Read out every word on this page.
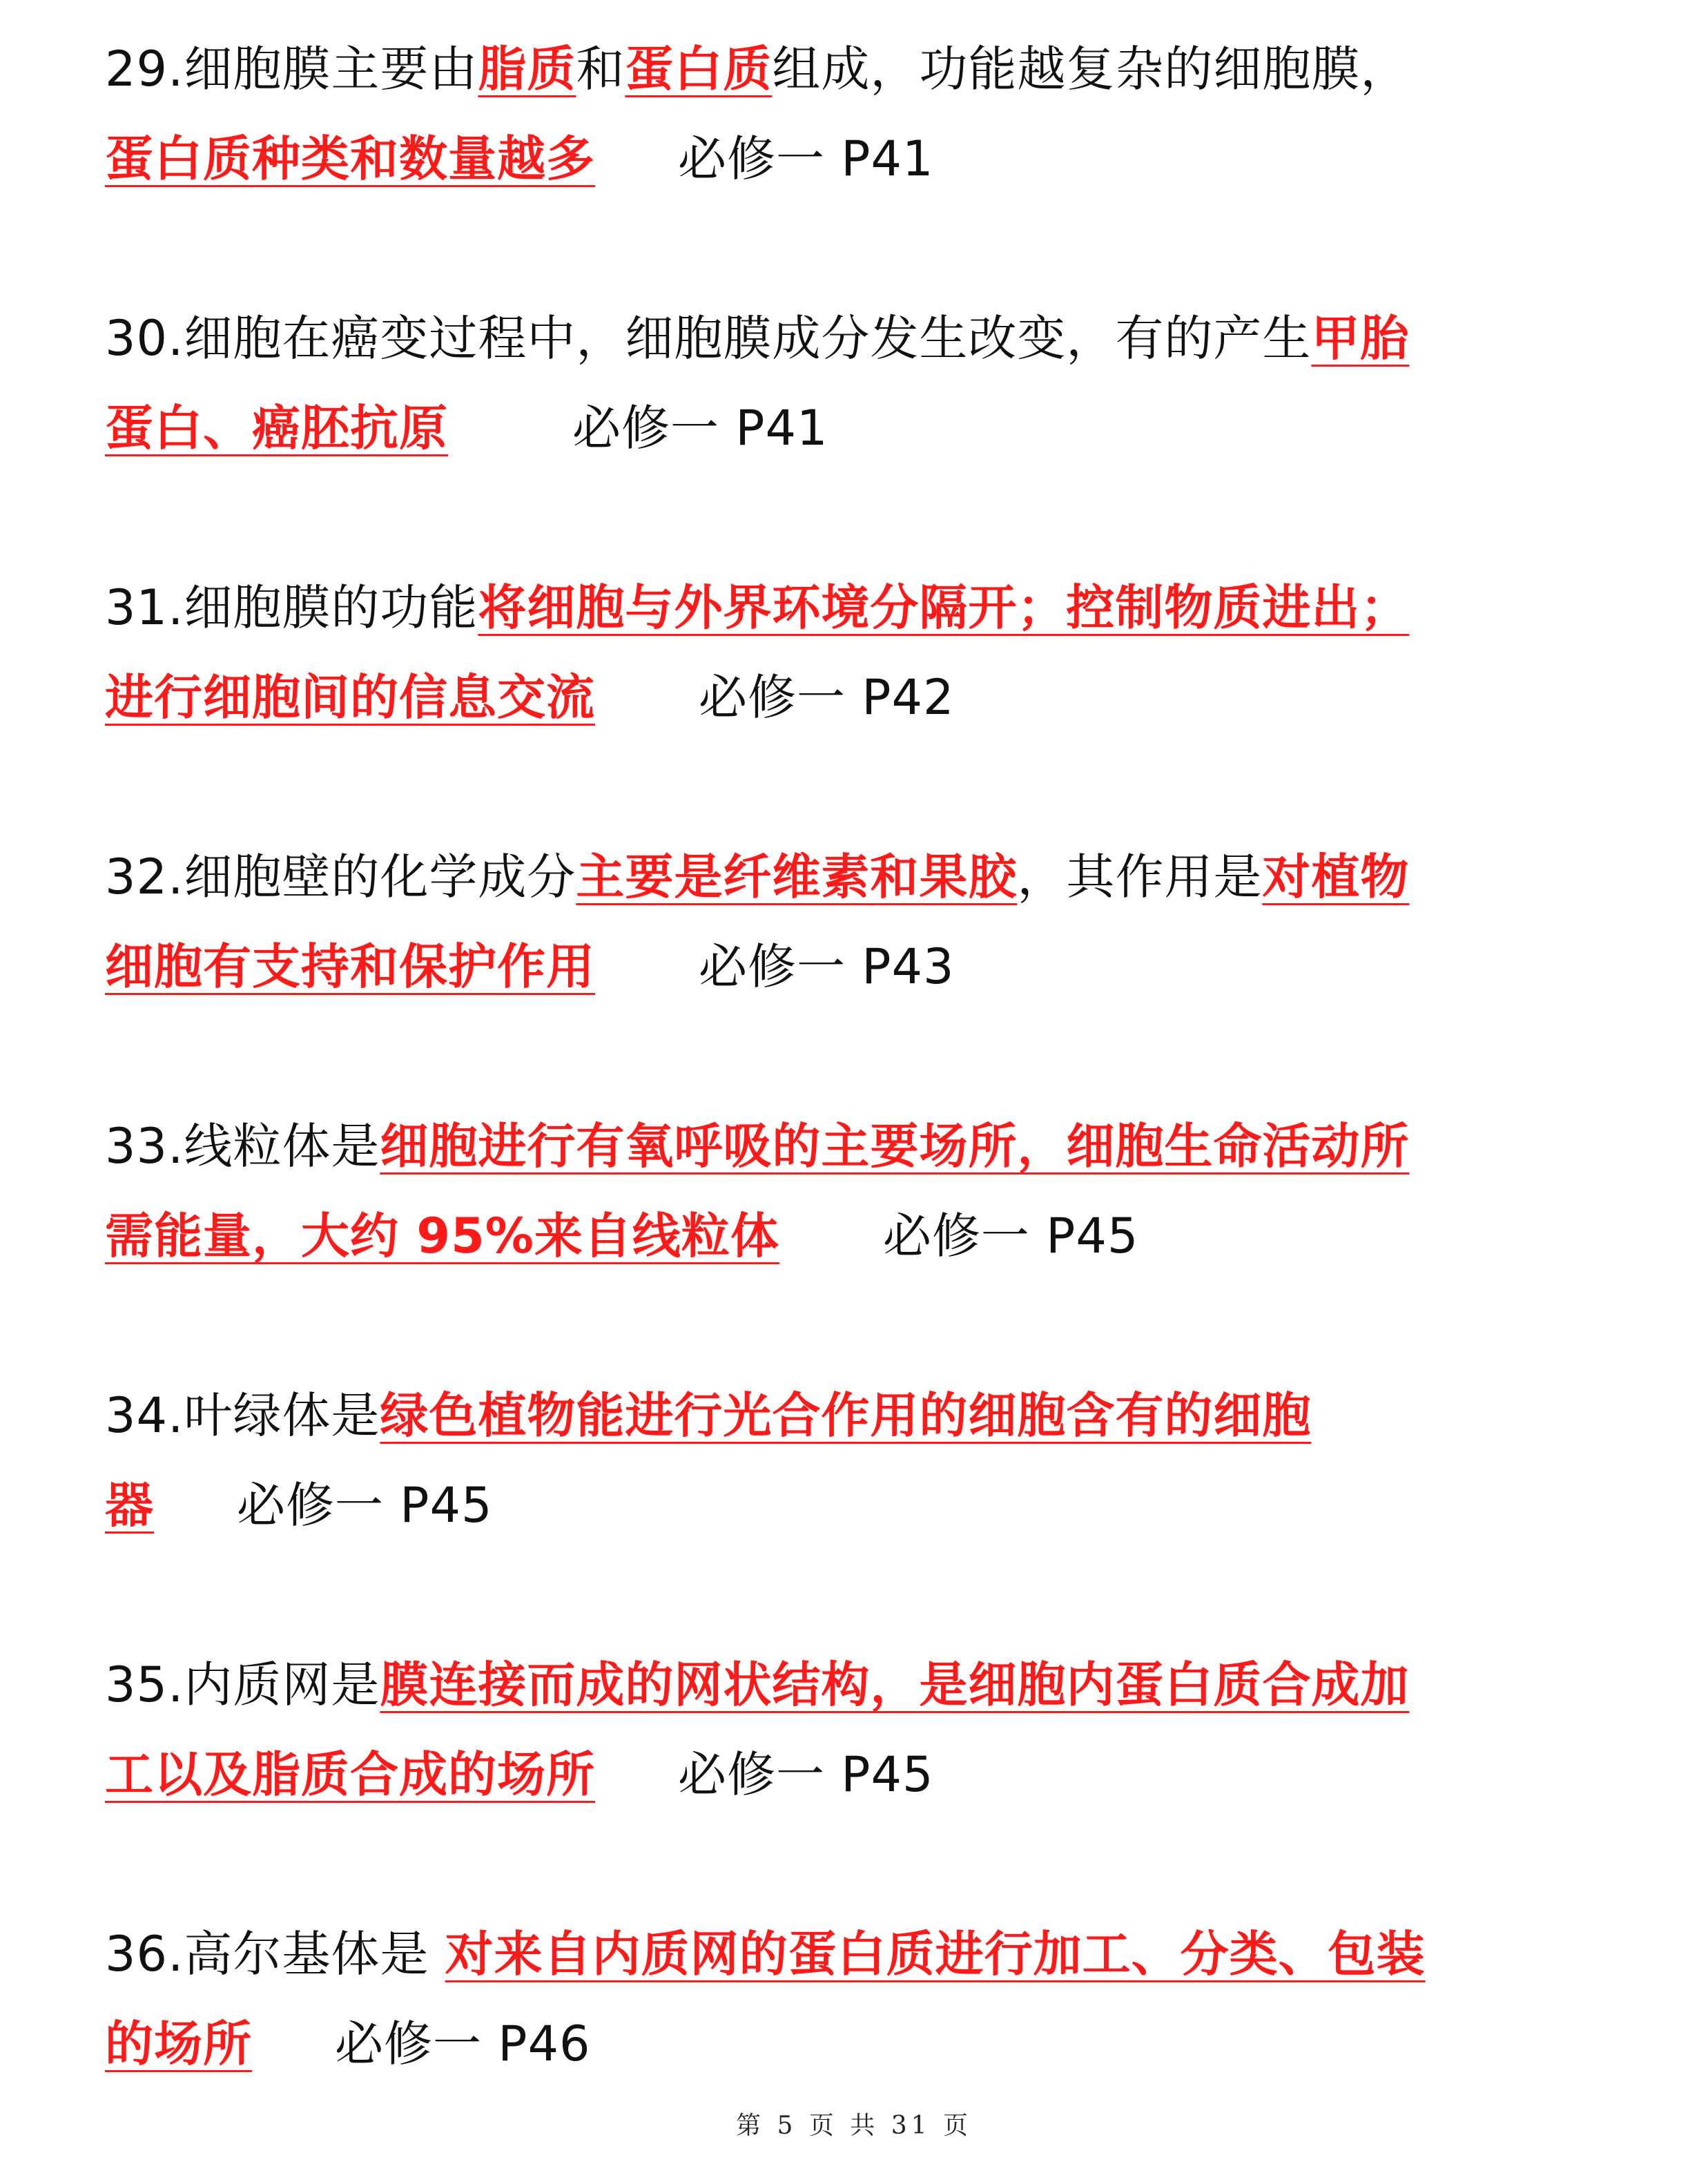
29.细胞膜主要由脂质和蛋白质组成，功能越复杂的细胞膜，
蛋白质种类和数量越多 必修一 P41
30.细胞在癌变过程中，细胞膜成分发生改变，有的产生甲胎
蛋白、癌胚抗原	必修一 P41
31.细胞膜的功能将细胞与外界环境分隔开；控制物质进出；
进行细胞间的信息交流 必修一 P42
32.细胞壁的化学成分主要是纤维素和果胶，其作用是对植物
细胞有支持和保护作用 必修一 P43
33.线粒体是细胞进行有氧呼吸的主要场所，细胞生命活动所
需能量，大约 95%来自线粒体 必修一 P45
34.叶绿体是绿色植物能进行光合作用的细胞含有的细胞
器 必修一 P45
35.内质网是膜连接而成的网状结构，是细胞内蛋白质合成加
工以及脂质合成的场所 必修一 P45
36.高尔基体是 对来自内质网的蛋白质进行加工、分类、包装
的场所 必修一 P46
第 5 页 共 31 页
